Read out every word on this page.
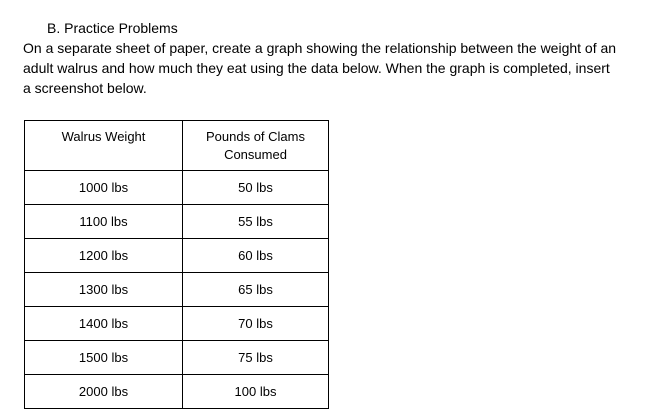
B. Practice Problems
On a separate sheet of paper, create a graph showing the relationship between the weight of an
adult walrus and how much they eat using the data below. When the graph is completed, insert
a screenshot below.
Walrus Weight	Pounds of Clams
Consumed

1000 lbs	50 lbs
1100 lbs	55 lbs
1200 lbs	60 lbs
1300 lbs	65 lbs
1400 lbs	70 lbs
1500 lbs	75 lbs
2000 lbs	100 lbs
